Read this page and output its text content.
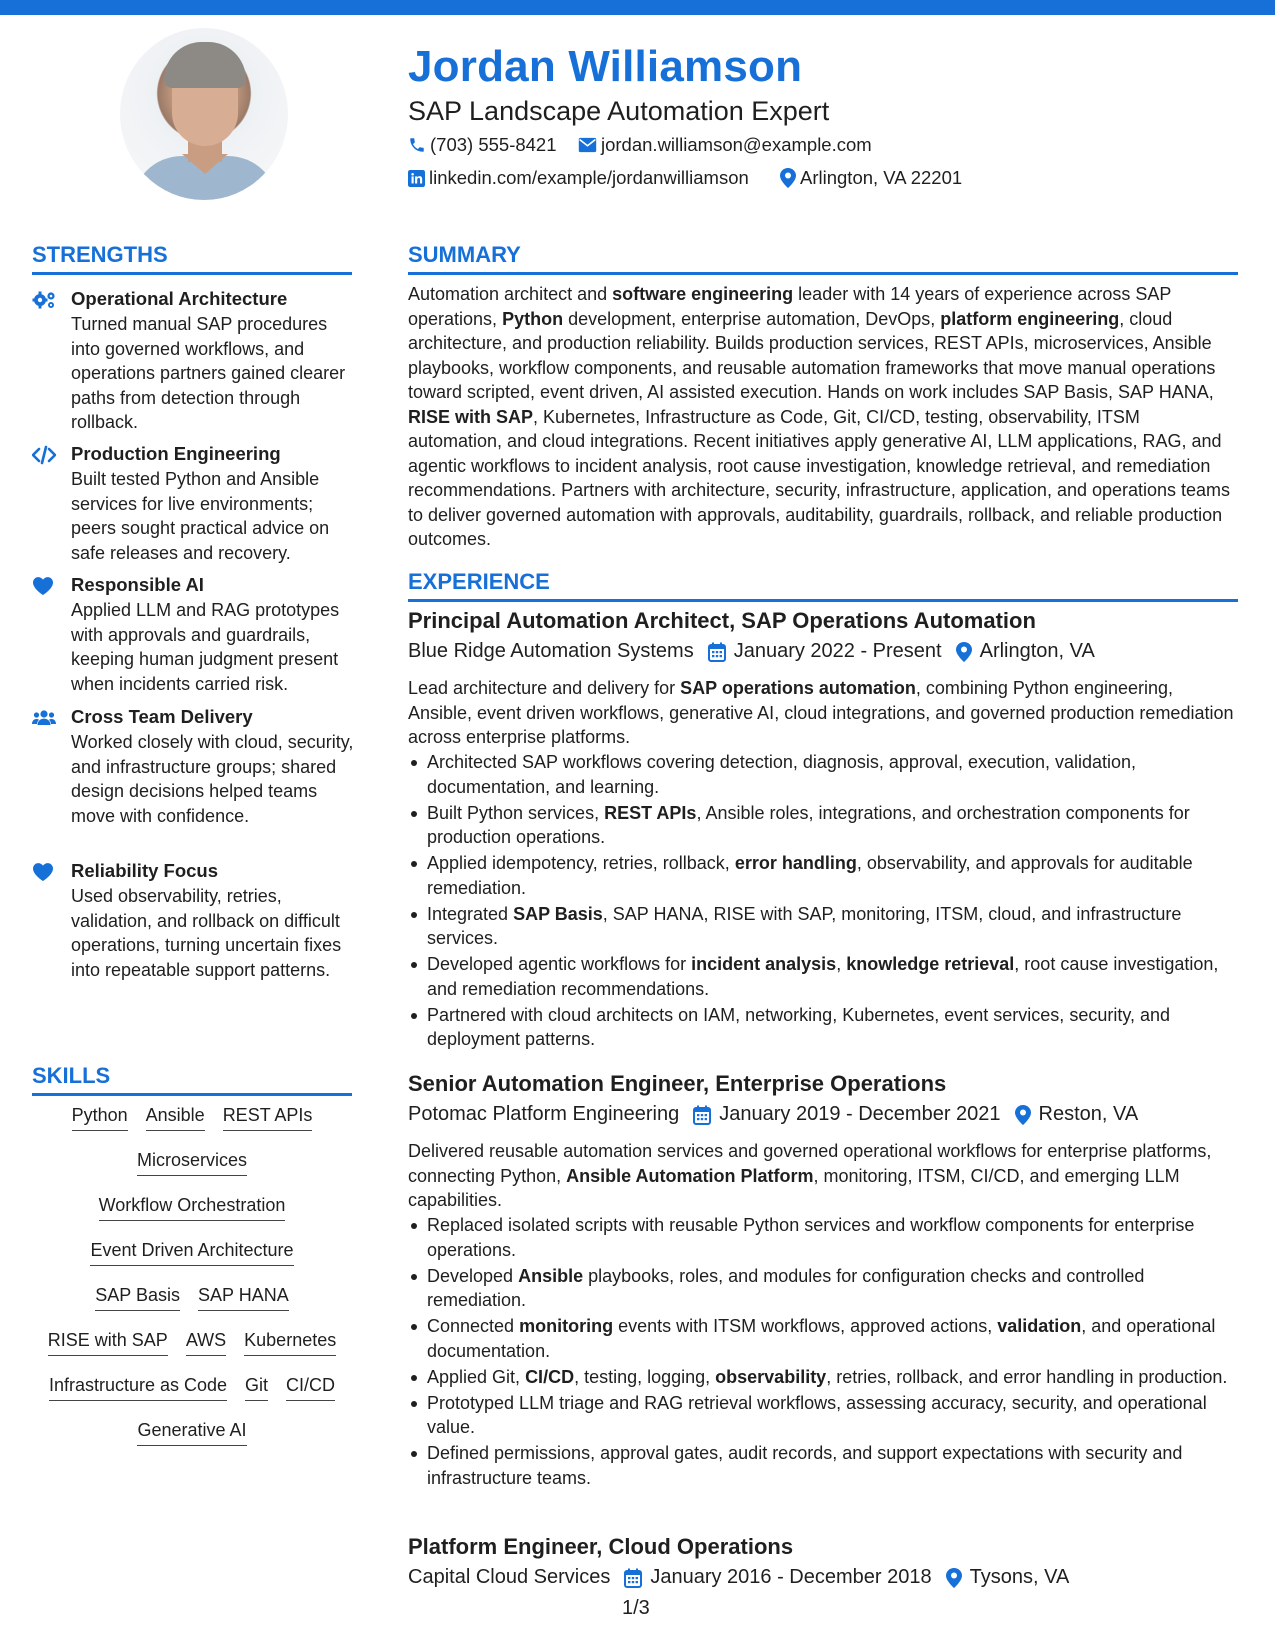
Jordan Williamson
SAP Landscape Automation Expert
(703) 555-8421 jordan.williamson@example.com
linkedin.com/example/jordanwilliamson	Arlington, VA 22201
STRENGTHS
Operational Architecture
Turned manual SAP procedures into governed workflows, and operations partners gained clearer paths from detection through rollback.
Production Engineering
Built tested Python and Ansible services for live environments; peers sought practical advice on safe releases and recovery.
Responsible AI
Applied LLM and RAG prototypes with approvals and guardrails, keeping human judgment present when incidents carried risk.
Cross Team Delivery
Worked closely with cloud, security, and infrastructure groups; shared design decisions helped teams move with confidence.
Reliability Focus
Used observability, retries, validation, and rollback on difficult operations, turning uncertain fixes into repeatable support patterns.
SKILLS
Python Ansible REST APIs
Microservices
Workflow Orchestration
Event Driven Architecture
SAP Basis SAP HANA
RISE with SAP AWS Kubernetes
Infrastructure as Code Git CI/CD
Generative AI
SUMMARY
Automation architect and software engineering leader with 14 years of experience across SAP operations, Python development, enterprise automation, DevOps, platform engineering, cloud architecture, and production reliability. Builds production services, REST APIs, microservices, Ansible playbooks, workflow components, and reusable automation frameworks that move manual operations toward scripted, event driven, AI assisted execution. Hands on work includes SAP Basis, SAP HANA, RISE with SAP, Kubernetes, Infrastructure as Code, Git, CI/CD, testing, observability, ITSM automation, and cloud integrations. Recent initiatives apply generative AI, LLM applications, RAG, and agentic workflows to incident analysis, root cause investigation, knowledge retrieval, and remediation recommendations. Partners with architecture, security, infrastructure, application, and operations teams to deliver governed automation with approvals, auditability, guardrails, rollback, and reliable production outcomes.
EXPERIENCE
Principal Automation Architect, SAP Operations Automation
Blue Ridge Automation Systems January 2022 - Present Arlington, VA
Lead architecture and delivery for SAP operations automation, combining Python engineering, Ansible, event driven workflows, generative AI, cloud integrations, and governed production remediation across enterprise platforms.
Architected SAP workflows covering detection, diagnosis, approval, execution, validation, documentation, and learning.
Built Python services, REST APIs, Ansible roles, integrations, and orchestration components for production operations.
Applied idempotency, retries, rollback, error handling, observability, and approvals for auditable remediation.
Integrated SAP Basis, SAP HANA, RISE with SAP, monitoring, ITSM, cloud, and infrastructure services.
Developed agentic workflows for incident analysis, knowledge retrieval, root cause investigation, and remediation recommendations.
Partnered with cloud architects on IAM, networking, Kubernetes, event services, security, and deployment patterns.
Senior Automation Engineer, Enterprise Operations
Potomac Platform Engineering January 2019 - December 2021 Reston, VA
Delivered reusable automation services and governed operational workflows for enterprise platforms, connecting Python, Ansible Automation Platform, monitoring, ITSM, CI/CD, and emerging LLM capabilities.
Replaced isolated scripts with reusable Python services and workflow components for enterprise operations.
Developed Ansible playbooks, roles, and modules for configuration checks and controlled remediation.
Connected monitoring events with ITSM workflows, approved actions, validation, and operational documentation.
Applied Git, CI/CD, testing, logging, observability, retries, rollback, and error handling in production.
Prototyped LLM triage and RAG retrieval workflows, assessing accuracy, security, and operational value.
Defined permissions, approval gates, audit records, and support expectations with security and infrastructure teams.
Platform Engineer, Cloud Operations
Capital Cloud Services January 2016 - December 2018 Tysons, VA
1/3
